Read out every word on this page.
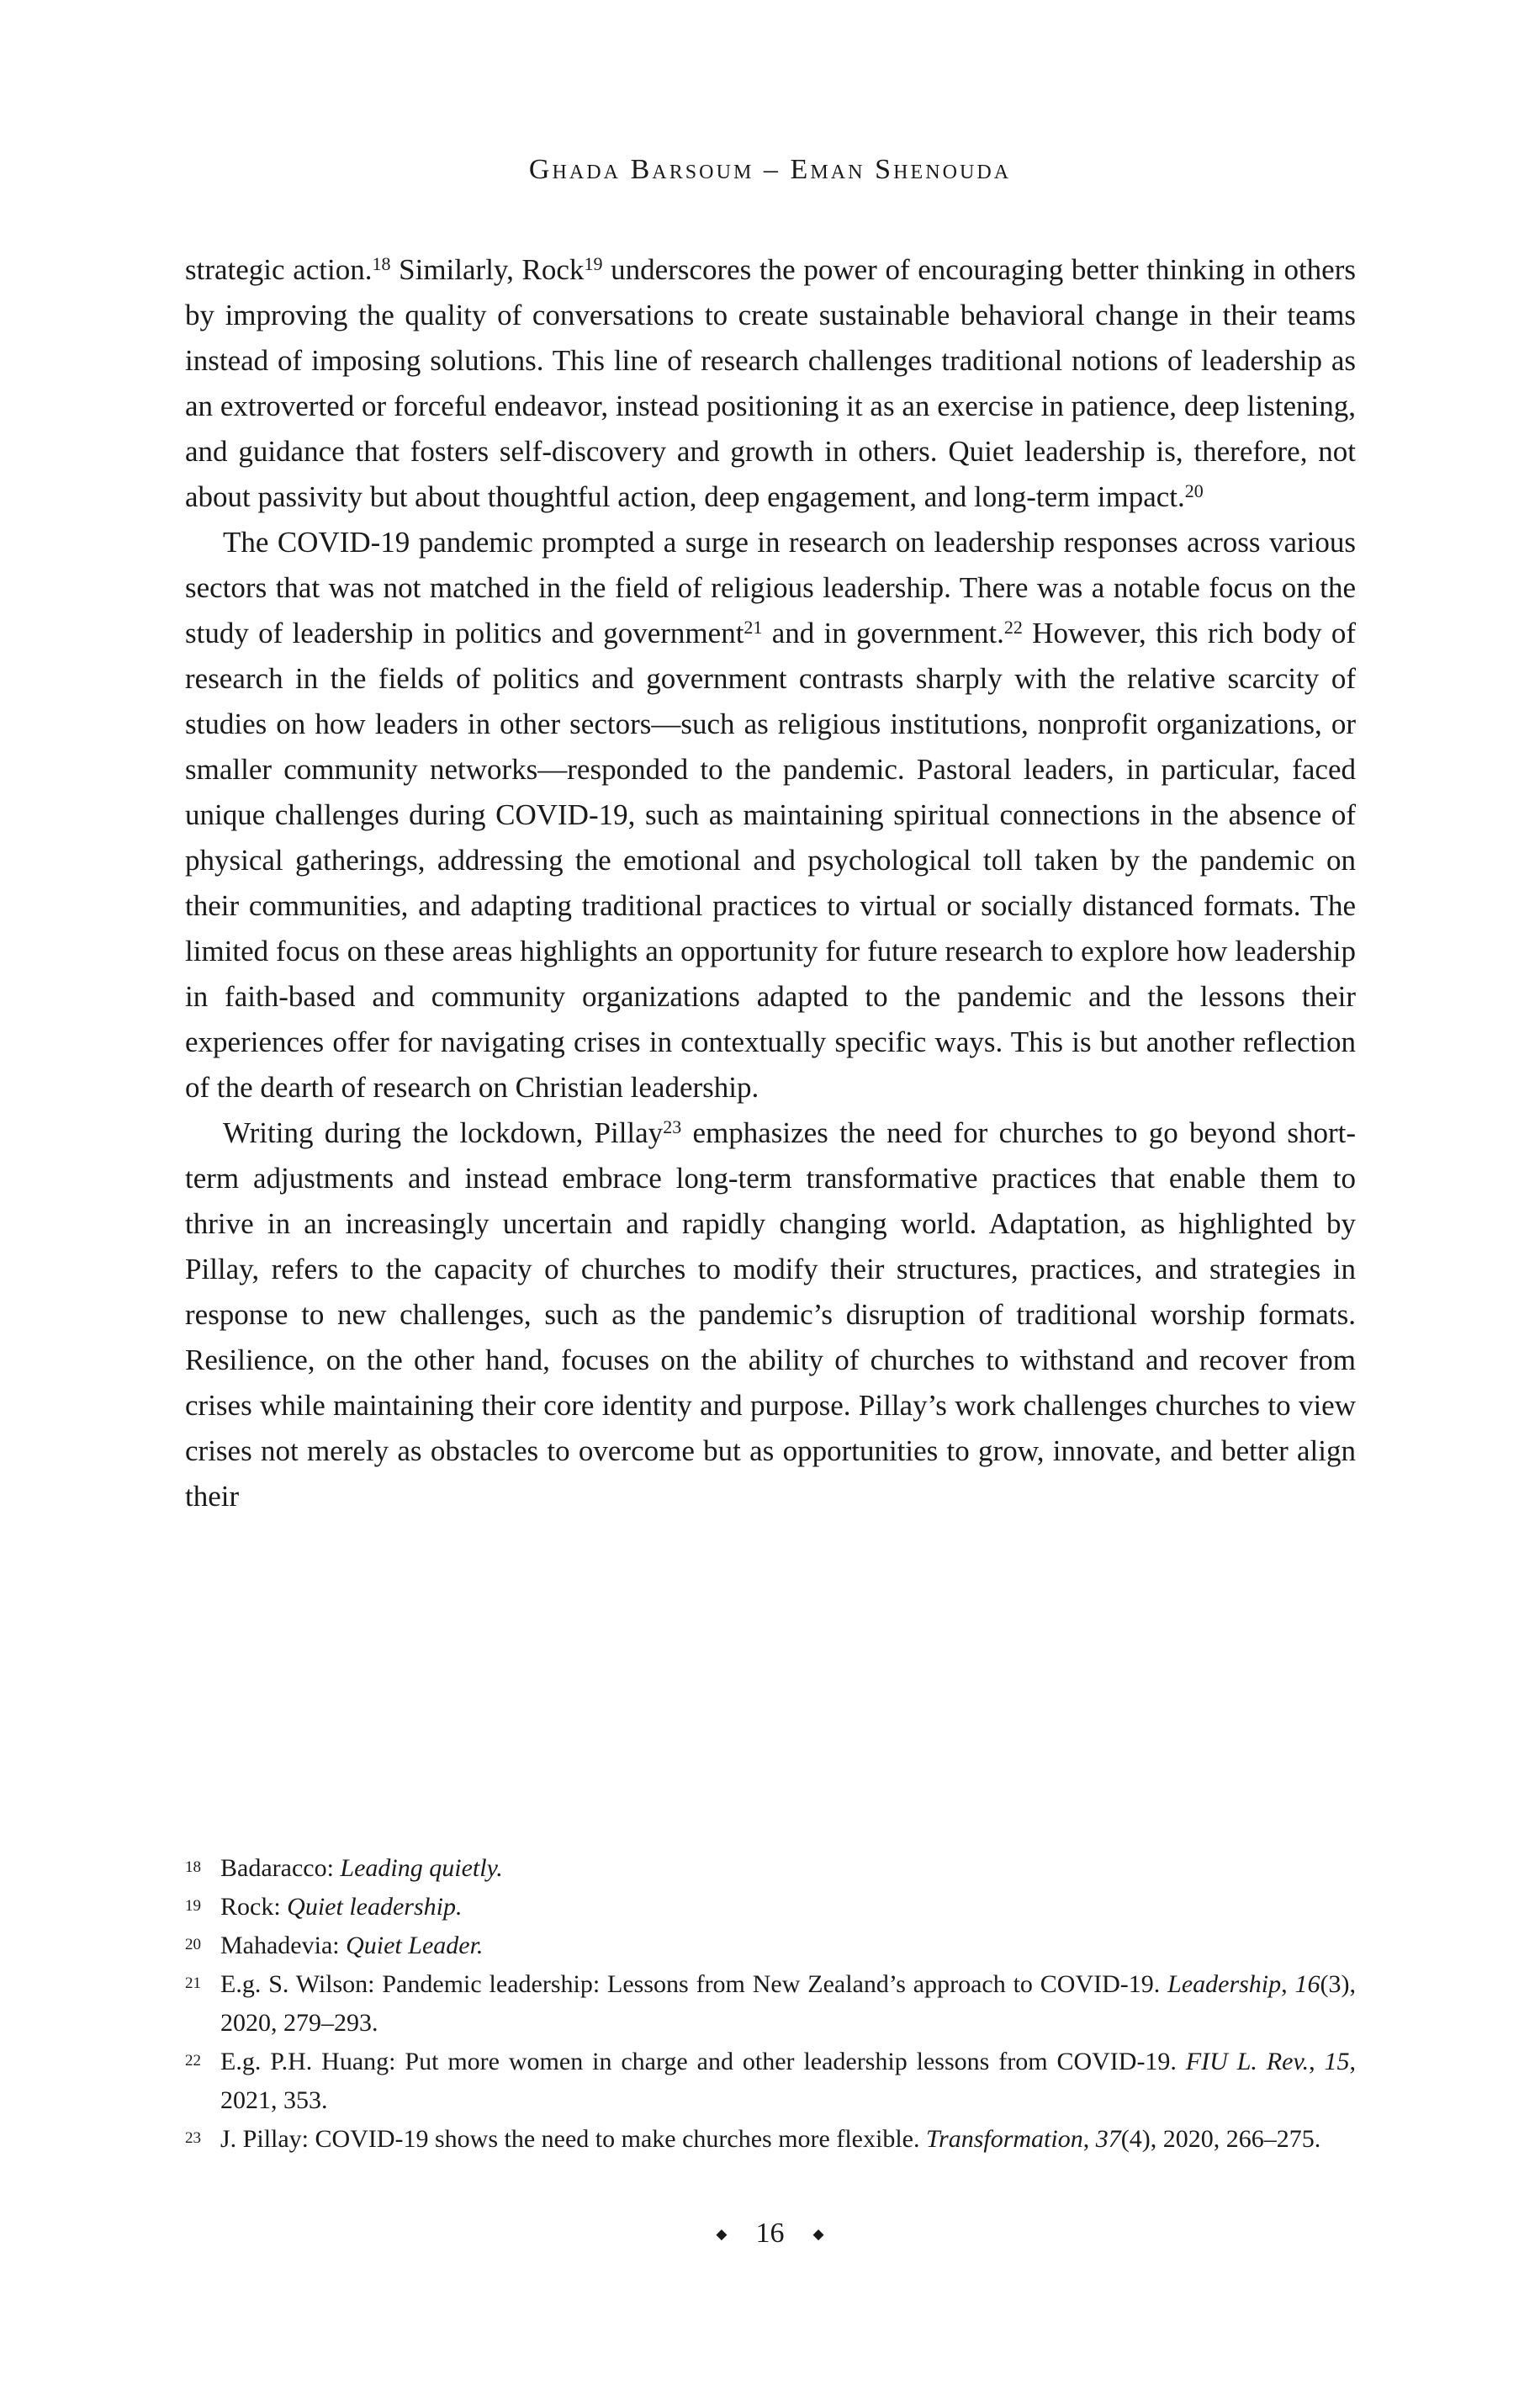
Ghada Barsoum – Eman Shenouda
strategic action.$^{18}$ Similarly, Rock$^{19}$ underscores the power of encouraging better thinking in others by improving the quality of conversations to create sustainable behavioral change in their teams instead of imposing solutions. This line of research challenges traditional notions of leadership as an extroverted or forceful endeavor, instead positioning it as an exercise in patience, deep listening, and guidance that fosters self-discovery and growth in others. Quiet leadership is, therefore, not about passivity but about thoughtful action, deep engagement, and long-term impact.$^{20}$
The COVID-19 pandemic prompted a surge in research on leadership responses across various sectors that was not matched in the field of religious leadership. There was a notable focus on the study of leadership in politics and government$^{21}$ and in government.$^{22}$ However, this rich body of research in the fields of politics and government contrasts sharply with the relative scarcity of studies on how leaders in other sectors—such as religious institutions, nonprofit organizations, or smaller community networks—responded to the pandemic. Pastoral leaders, in particular, faced unique challenges during COVID-19, such as maintaining spiritual connections in the absence of physical gatherings, addressing the emotional and psychological toll taken by the pandemic on their communities, and adapting traditional practices to virtual or socially distanced formats. The limited focus on these areas highlights an opportunity for future research to explore how leadership in faith-based and community organizations adapted to the pandemic and the lessons their experiences offer for navigating crises in contextually specific ways. This is but another reflection of the dearth of research on Christian leadership.
Writing during the lockdown, Pillay$^{23}$ emphasizes the need for churches to go beyond short-term adjustments and instead embrace long-term transformative practices that enable them to thrive in an increasingly uncertain and rapidly changing world. Adaptation, as highlighted by Pillay, refers to the capacity of churches to modify their structures, practices, and strategies in response to new challenges, such as the pandemic’s disruption of traditional worship formats. Resilience, on the other hand, focuses on the ability of churches to withstand and recover from crises while maintaining their core identity and purpose. Pillay’s work challenges churches to view crises not merely as obstacles to overcome but as opportunities to grow, innovate, and better align their
18 Badaracco: Leading quietly.
19 Rock: Quiet leadership.
20 Mahadevia: Quiet Leader.
21 E.g. S. Wilson: Pandemic leadership: Lessons from New Zealand’s approach to COVID-19. Leadership, 16(3), 2020, 279–293.
22 E.g. P.H. Huang: Put more women in charge and other leadership lessons from COVID-19. FIU L. Rev., 15, 2021, 353.
23 J. Pillay: COVID-19 shows the need to make churches more flexible. Transformation, 37(4), 2020, 266–275.
◆ 16 ◆
